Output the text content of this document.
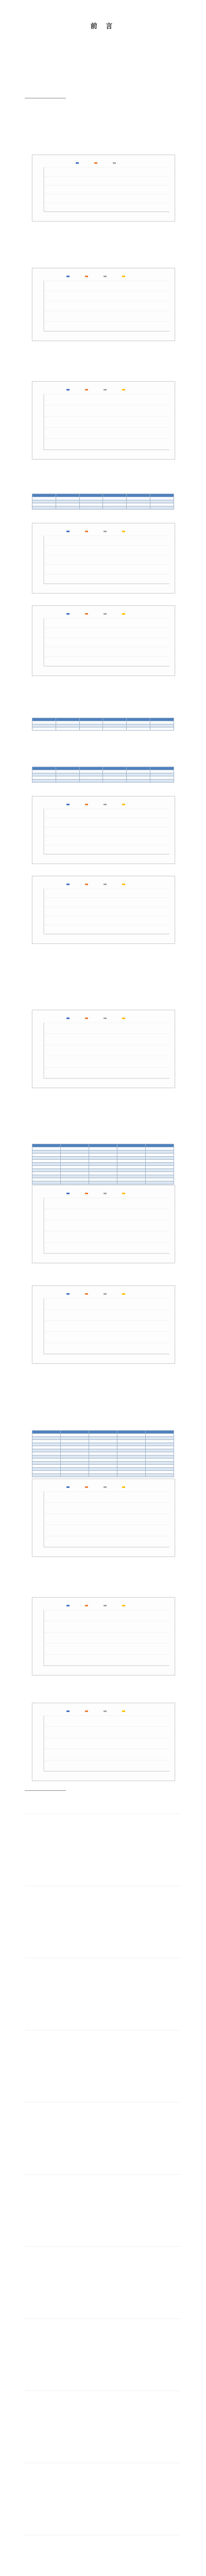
前 言
